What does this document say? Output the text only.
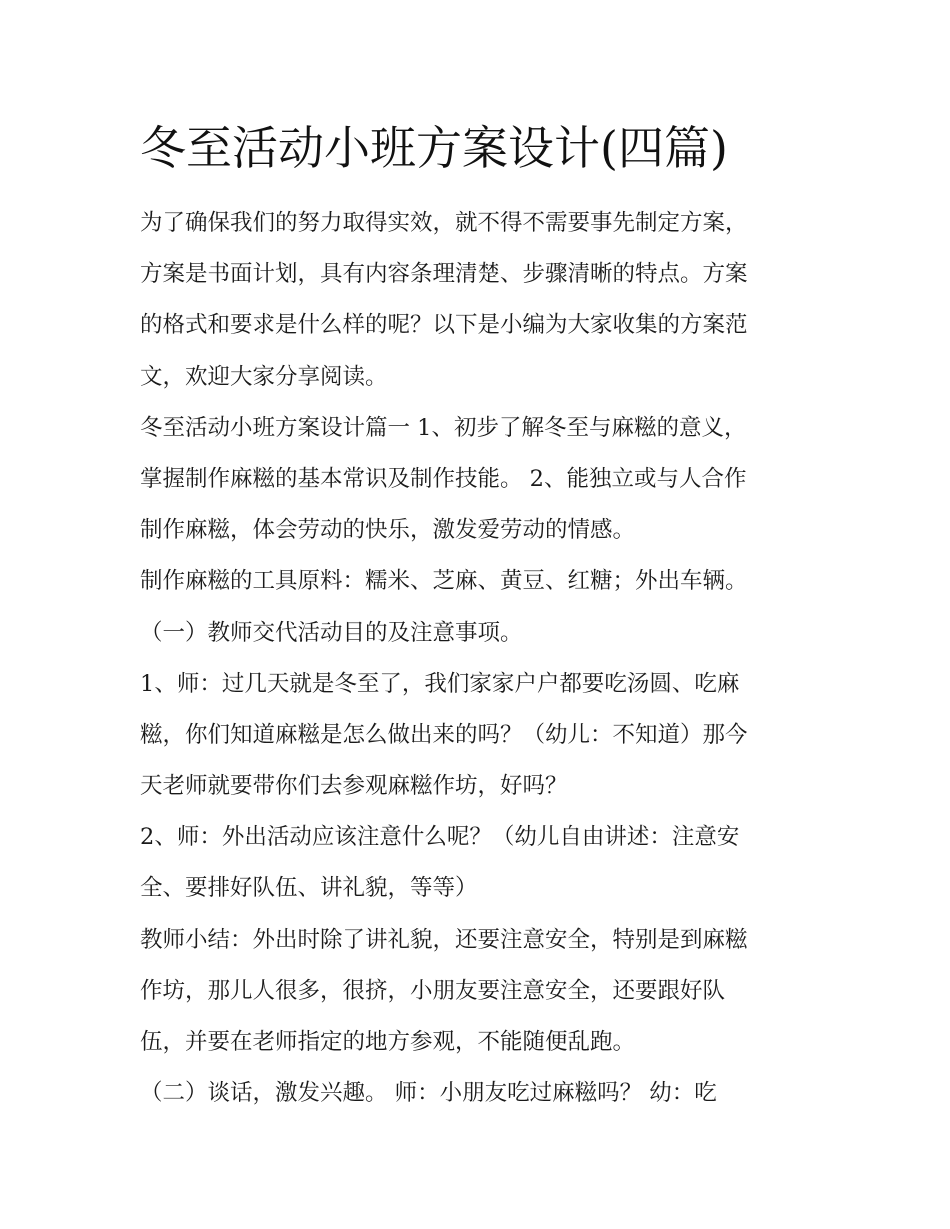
冬至活动小班方案设计(四篇)
为了确保我们的努力取得实效，就不得不需要事先制定方案，
方案是书面计划，具有内容条理清楚、步骤清晰的特点。方案
的格式和要求是什么样的呢？以下是小编为大家收集的方案范
文，欢迎大家分享阅读。
冬至活动小班方案设计篇一 1、初步了解冬至与麻糍的意义，
掌握制作麻糍的基本常识及制作技能。 2、能独立或与人合作
制作麻糍，体会劳动的快乐，激发爱劳动的情感。
制作麻糍的工具原料：糯米、芝麻、黄豆、红糖；外出车辆。
（一）教师交代活动目的及注意事项。
1、师：过几天就是冬至了，我们家家户户都要吃汤圆、吃麻
糍，你们知道麻糍是怎么做出来的吗？（幼儿：不知道）那今
天老师就要带你们去参观麻糍作坊，好吗？
2、师：外出活动应该注意什么呢？（幼儿自由讲述：注意安
全、要排好队伍、讲礼貌，等等）
教师小结：外出时除了讲礼貌，还要注意安全，特别是到麻糍
作坊，那儿人很多，很挤，小朋友要注意安全，还要跟好队
伍，并要在老师指定的地方参观，不能随便乱跑。
（二）谈话，激发兴趣。 师：小朋友吃过麻糍吗？ 幼：吃
